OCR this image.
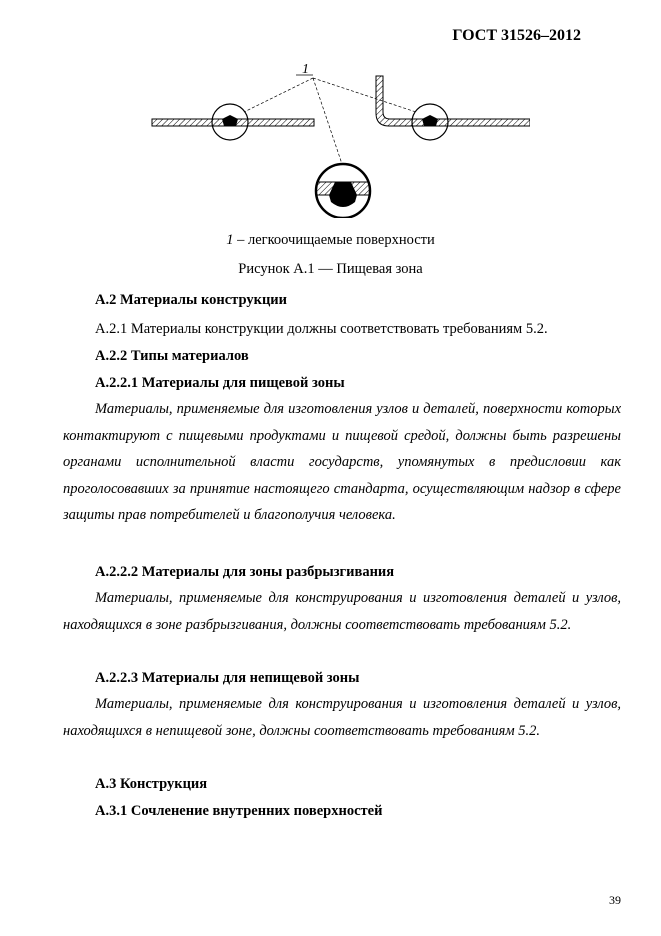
ГОСТ 31526–2012
1
1 – легкоочищаемые поверхности
Рисунок А.1 — Пищевая зона
А.2 Материалы конструкции
А.2.1 Материалы конструкции должны соответствовать требованиям 5.2.
А.2.2 Типы материалов
А.2.2.1 Материалы для пищевой зоны
Материалы, применяемые для изготовления узлов и деталей, поверхности которых контактируют с пищевыми продуктами и пищевой средой, должны быть разрешены органами исполнительной власти государств, упомянутых в предисловии как проголосовавших за принятие настоящего стандарта, осуществляющим надзор в сфере защиты прав потребителей и благополучия человека.
А.2.2.2 Материалы для зоны разбрызгивания
Материалы, применяемые для конструирования и изготовления деталей и узлов, находящихся в зоне разбрызгивания, должны соответствовать требованиям 5.2.
А.2.2.3 Материалы для непищевой зоны
Материалы, применяемые для конструирования и изготовления деталей и узлов, находящихся в непищевой зоне, должны соответствовать требованиям 5.2.
А.3 Конструкция
А.3.1 Сочленение внутренних поверхностей
39
